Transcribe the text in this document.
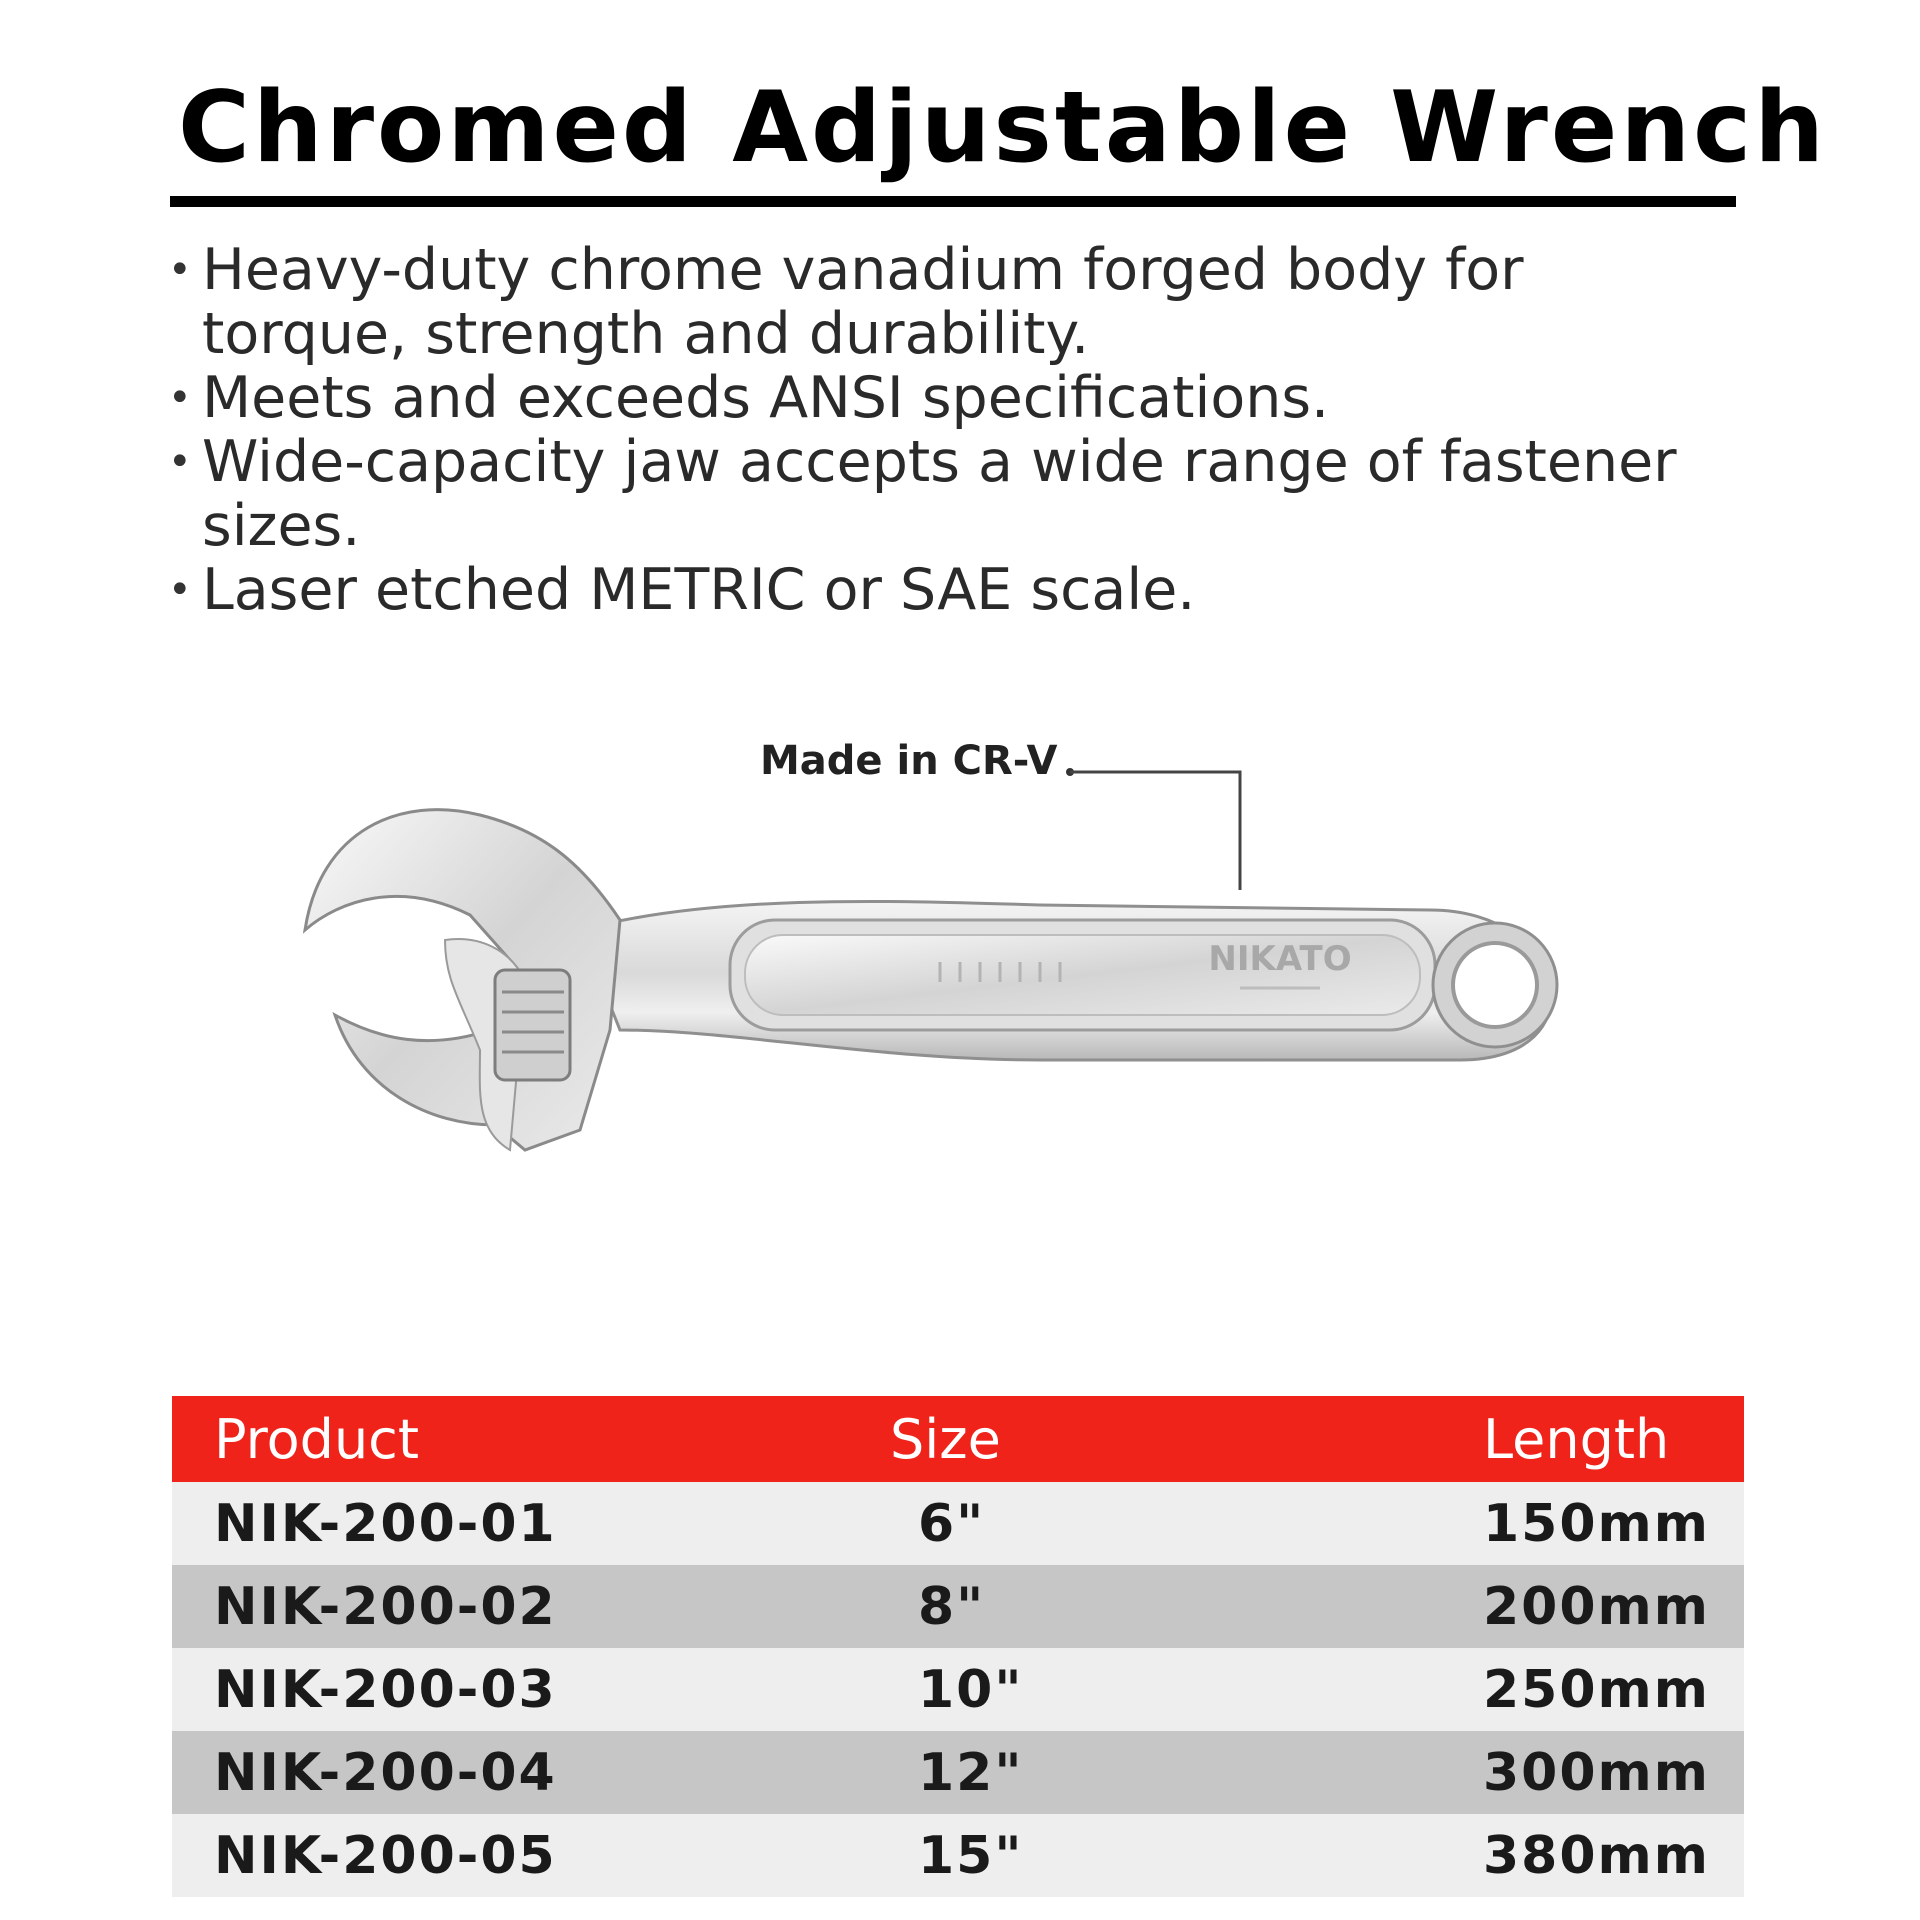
Chromed Adjustable Wrench
• Heavy-duty chrome vanadium forged body for torque, strength and durability.
• Meets and exceeds ANSI specifications.
• Wide-capacity jaw accepts a wide range of fastener sizes.
• Laser etched METRIC or SAE scale.
Made in CR-V
NIKATO
Product	Size	Length
NIK-200-01	6"	150mm
NIK-200-02	8"	200mm
NIK-200-03	10"	250mm
NIK-200-04	12"	300mm
NIK-200-05	15"	380mm
